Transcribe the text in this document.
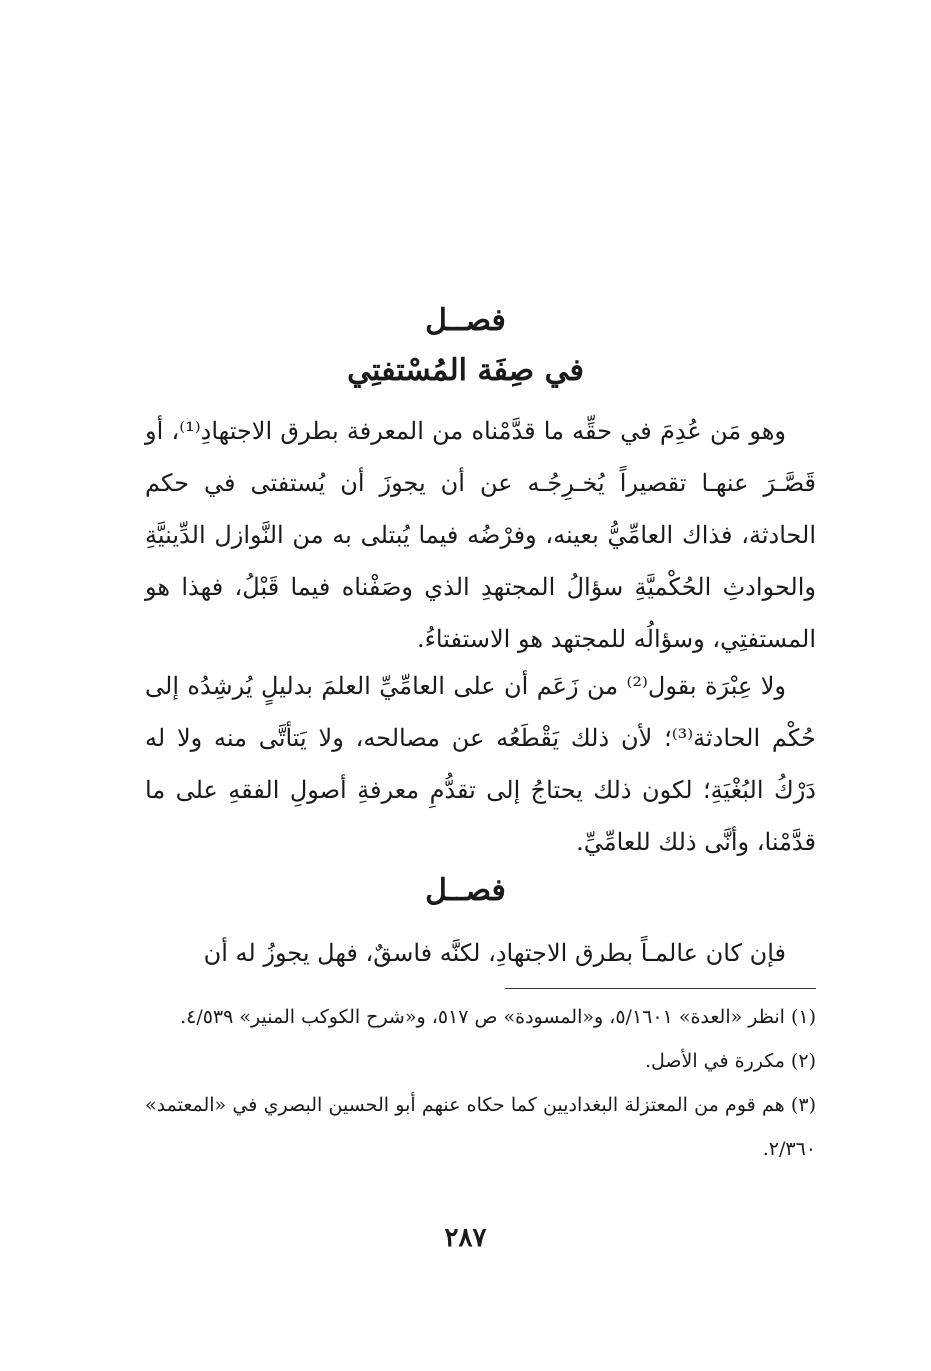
فصــل
في صِفَة المُسْتفتِي

وهو مَن عُدِمَ في حقِّه ما قدَّمْناه من المعرفة بطرق الاجتهادِ⁽¹⁾، أو قَصَّـرَ عنهـا تقصيراً يُخـرِجُـه عن أن يجوزَ أن يُستفتى في حكم الحادثة، فذاك العامِّيُّ بعينه، وفرْضُه فيما يُبتلى به من النَّوازل الدِّينيَّةِ والحوادثِ الحُكْميَّةِ سؤالُ المجتهدِ الذي وصَفْناه فيما قَبْلُ، فهذا هو المستفتِي، وسؤالُه للمجتهد هو الاستفتاءُ.

ولا عِبْرَة بقول⁽²⁾ من زَعَم أن على العامِّيِّ العلمَ بدليلٍ يُرشِدُه إلى حُكْم الحادثة⁽³⁾؛ لأن ذلك يَقْطَعُه عن مصالحه، ولا يَتأتَّى منه ولا له دَرْكُ البُغْيَةِ؛ لكون ذلك يحتاجُ إلى تقدُّمِ معرفةِ أصولِ الفقهِ على ما قدَّمْنا، وأنَّى ذلك للعامِّيِّ.

فصــل

فإن كان عالمـاً بطرق الاجتهادِ، لكنَّه فاسقٌ، فهل يجوزُ له أن

(١) انظر «العدة» ٥/١٦٠١، و«المسودة» ص ٥١٧، و«شرح الكوكب المنير» ٤/٥٣٩.

(٢) مكررة في الأصل.

(٣) هم قوم من المعتزلة البغداديين كما حكاه عنهم أبو الحسين البصري في «المعتمد» ٢/٣٦٠.

٢٨٧
